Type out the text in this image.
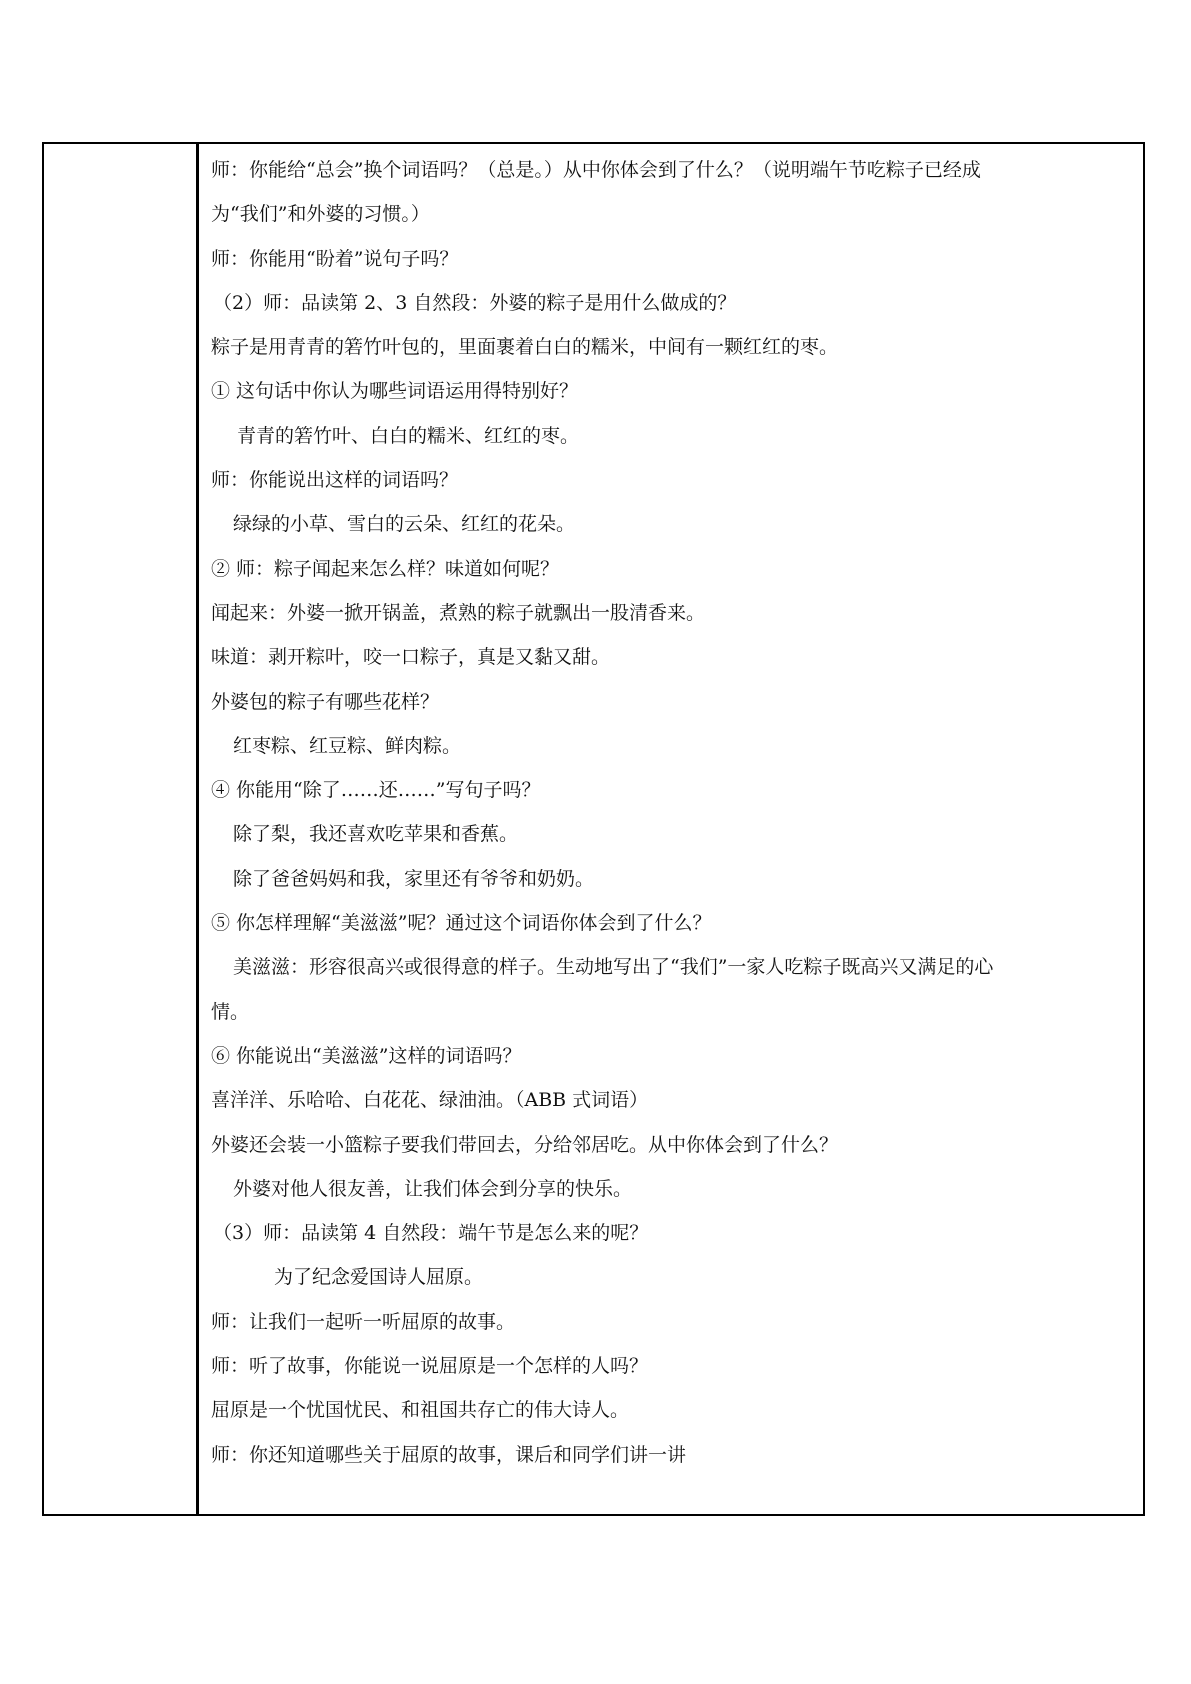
师：你能给“总会”换个词语吗？（总是。）从中你体会到了什么？（说明端午节吃粽子已经成

为“我们”和外婆的习惯。）

师：你能用“盼着”说句子吗？

（2）师：品读第 2、3 自然段：外婆的粽子是用什么做成的？

粽子是用青青的箬竹叶包的，里面裹着白白的糯米，中间有一颗红红的枣。

① 这句话中你认为哪些词语运用得特别好？

青青的箬竹叶、白白的糯米、红红的枣。

师：你能说出这样的词语吗？

绿绿的小草、雪白的云朵、红红的花朵。

② 师：粽子闻起来怎么样？味道如何呢？

闻起来：外婆一掀开锅盖，煮熟的粽子就飘出一股清香来。

味道：剥开粽叶，咬一口粽子，真是又黏又甜。

外婆包的粽子有哪些花样？

红枣粽、红豆粽、鲜肉粽。

④ 你能用“除了……还……”写句子吗？

除了梨，我还喜欢吃苹果和香蕉。

除了爸爸妈妈和我，家里还有爷爷和奶奶。

⑤ 你怎样理解“美滋滋”呢？通过这个词语你体会到了什么？

美滋滋：形容很高兴或很得意的样子。生动地写出了“我们”一家人吃粽子既高兴又满足的心

情。

⑥ 你能说出“美滋滋”这样的词语吗？

喜洋洋、乐哈哈、白花花、绿油油。（ABB 式词语）

外婆还会装一小篮粽子要我们带回去，分给邻居吃。从中你体会到了什么？

外婆对他人很友善，让我们体会到分享的快乐。

（3）师：品读第 4 自然段：端午节是怎么来的呢？

为了纪念爱国诗人屈原。

师：让我们一起听一听屈原的故事。

师：听了故事，你能说一说屈原是一个怎样的人吗？

屈原是一个忧国忧民、和祖国共存亡的伟大诗人。

师：你还知道哪些关于屈原的故事，课后和同学们讲一讲
